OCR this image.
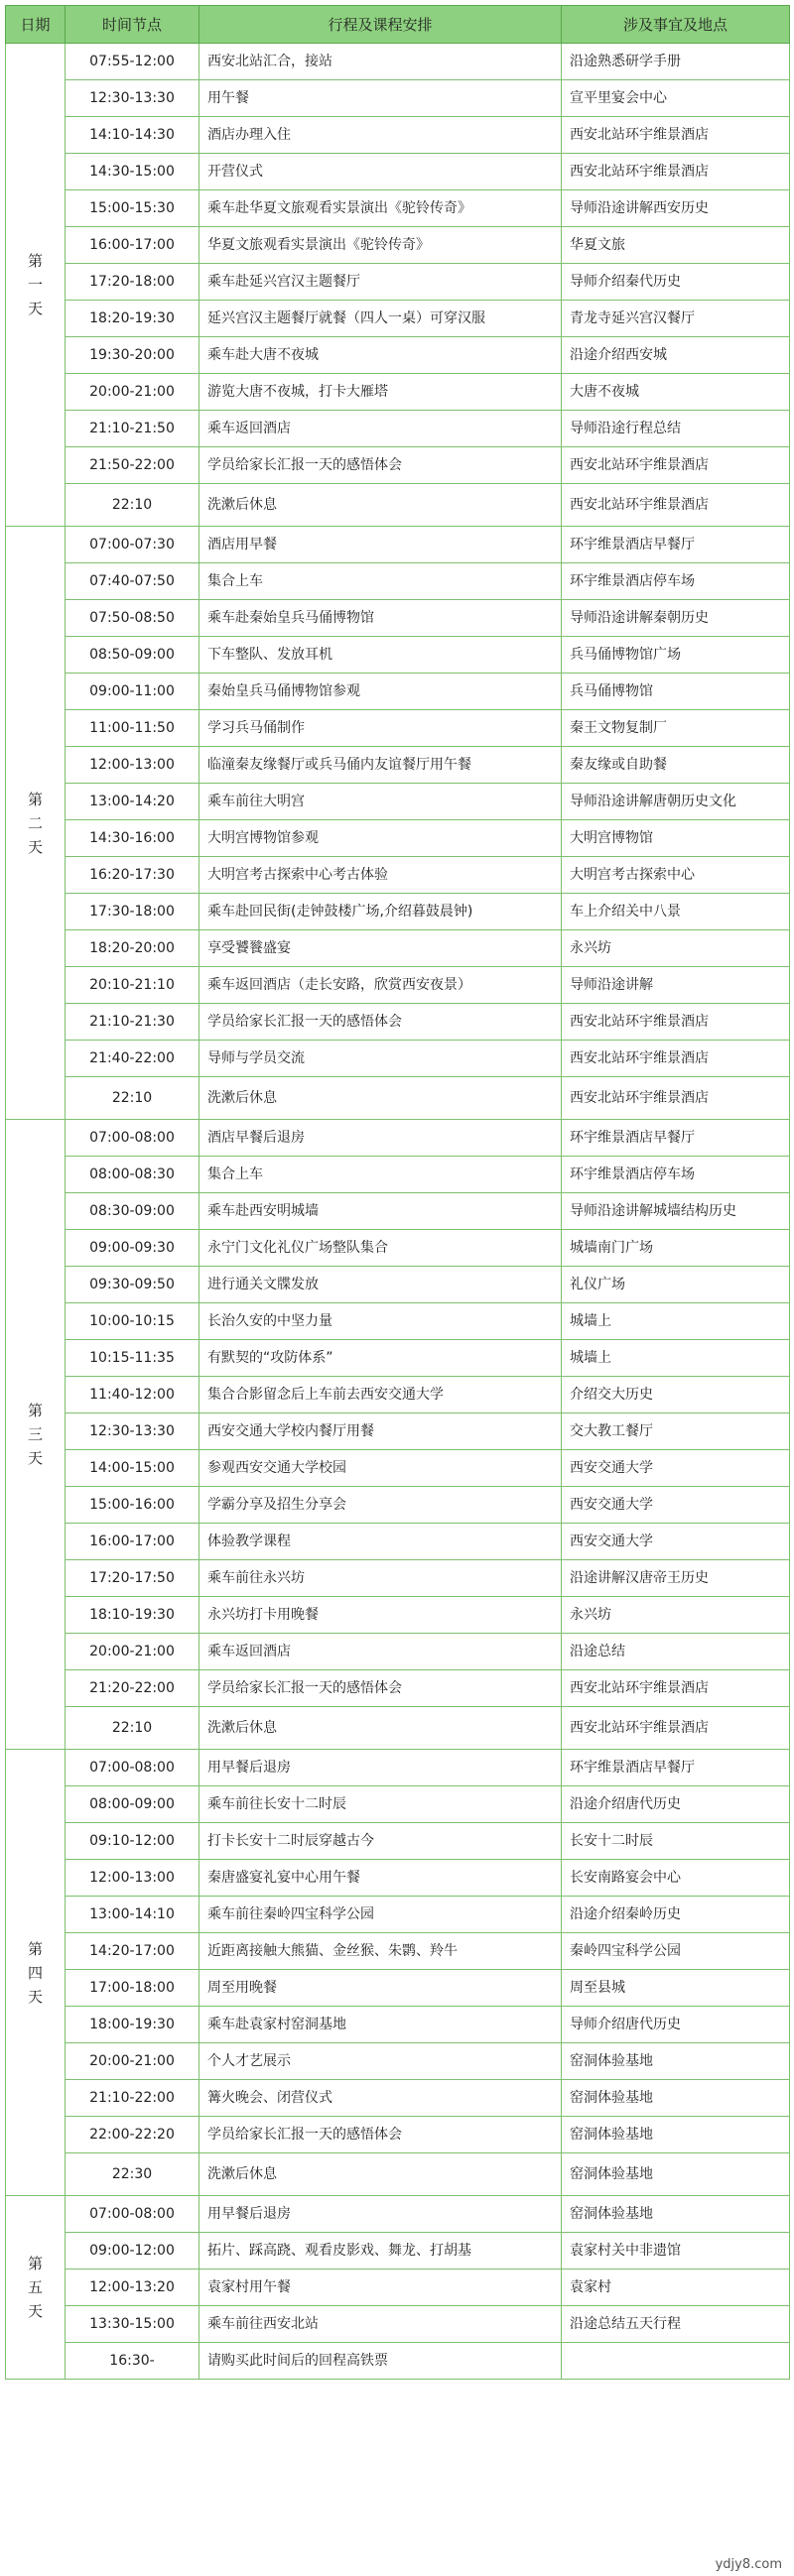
日期	时间节点	行程及课程安排	涉及事宜及地点

第
一
天	07:55-12:00	西安北站汇合，接站	沿途熟悉研学手册
	12:30-13:30	用午餐	宣平里宴会中心
	14:10-14:30	酒店办理入住	西安北站环宇维景酒店
	14:30-15:00	开营仪式	西安北站环宇维景酒店
	15:00-15:30	乘车赴华夏文旅观看实景演出《驼铃传奇》	导师沿途讲解西安历史
	16:00-17:00	华夏文旅观看实景演出《驼铃传奇》	华夏文旅
	17:20-18:00	乘车赴延兴宫汉主题餐厅	导师介绍秦代历史
	18:20-19:30	延兴宫汉主题餐厅就餐（四人一桌）可穿汉服	青龙寺延兴宫汉餐厅
	19:30-20:00	乘车赴大唐不夜城	沿途介绍西安城
	20:00-21:00	游览大唐不夜城，打卡大雁塔	大唐不夜城
	21:10-21:50	乘车返回酒店	导师沿途行程总结
	21:50-22:00	学员给家长汇报一天的感悟体会	西安北站环宇维景酒店
	22:10	洗漱后休息	西安北站环宇维景酒店

第
二
天	07:00-07:30	酒店用早餐	环宇维景酒店早餐厅
	07:40-07:50	集合上车	环宇维景酒店停车场
	07:50-08:50	乘车赴秦始皇兵马俑博物馆	导师沿途讲解秦朝历史
	08:50-09:00	下车整队、发放耳机	兵马俑博物馆广场
	09:00-11:00	秦始皇兵马俑博物馆参观	兵马俑博物馆
	11:00-11:50	学习兵马俑制作	秦王文物复制厂
	12:00-13:00	临潼秦友缘餐厅或兵马俑内友谊餐厅用午餐	秦友缘或自助餐
	13:00-14:20	乘车前往大明宫	导师沿途讲解唐朝历史文化
	14:30-16:00	大明宫博物馆参观	大明宫博物馆
	16:20-17:30	大明宫考古探索中心考古体验	大明宫考古探索中心
	17:30-18:00	乘车赴回民街(走钟鼓楼广场,介绍暮鼓晨钟)	车上介绍关中八景
	18:20-20:00	享受饕餮盛宴	永兴坊
	20:10-21:10	乘车返回酒店（走长安路，欣赏西安夜景）	导师沿途讲解
	21:10-21:30	学员给家长汇报一天的感悟体会	西安北站环宇维景酒店
	21:40-22:00	导师与学员交流	西安北站环宇维景酒店
	22:10	洗漱后休息	西安北站环宇维景酒店

第
三
天	07:00-08:00	酒店早餐后退房	环宇维景酒店早餐厅
	08:00-08:30	集合上车	环宇维景酒店停车场
	08:30-09:00	乘车赴西安明城墙	导师沿途讲解城墙结构历史
	09:00-09:30	永宁门文化礼仪广场整队集合	城墙南门广场
	09:30-09:50	进行通关文牒发放	礼仪广场
	10:00-10:15	长治久安的中坚力量	城墙上
	10:15-11:35	有默契的“攻防体系”	城墙上
	11:40-12:00	集合合影留念后上车前去西安交通大学	介绍交大历史
	12:30-13:30	西安交通大学校内餐厅用餐	交大教工餐厅
	14:00-15:00	参观西安交通大学校园	西安交通大学
	15:00-16:00	学霸分享及招生分享会	西安交通大学
	16:00-17:00	体验教学课程	西安交通大学
	17:20-17:50	乘车前往永兴坊	沿途讲解汉唐帝王历史
	18:10-19:30	永兴坊打卡用晚餐	永兴坊
	20:00-21:00	乘车返回酒店	沿途总结
	21:20-22:00	学员给家长汇报一天的感悟体会	西安北站环宇维景酒店
	22:10	洗漱后休息	西安北站环宇维景酒店

第
四
天	07:00-08:00	用早餐后退房	环宇维景酒店早餐厅
	08:00-09:00	乘车前往长安十二时辰	沿途介绍唐代历史
	09:10-12:00	打卡长安十二时辰穿越古今	长安十二时辰
	12:00-13:00	秦唐盛宴礼宴中心用午餐	长安南路宴会中心
	13:00-14:10	乘车前往秦岭四宝科学公园	沿途介绍秦岭历史
	14:20-17:00	近距离接触大熊猫、金丝猴、朱鹮、羚牛	秦岭四宝科学公园
	17:00-18:00	周至用晚餐	周至县城
	18:00-19:30	乘车赴袁家村窑洞基地	导师介绍唐代历史
	20:00-21:00	个人才艺展示	窑洞体验基地
	21:10-22:00	篝火晚会、闭营仪式	窑洞体验基地
	22:00-22:20	学员给家长汇报一天的感悟体会	窑洞体验基地
	22:30	洗漱后休息	窑洞体验基地

第
五
天	07:00-08:00	用早餐后退房	窑洞体验基地
	09:00-12:00	拓片、踩高跷、观看皮影戏、舞龙、打胡基	袁家村关中非遗馆
	12:00-13:20	袁家村用午餐	袁家村
	13:30-15:00	乘车前往西安北站	沿途总结五天行程
	16:30-	请购买此时间后的回程高铁票	
ydjy8.com
